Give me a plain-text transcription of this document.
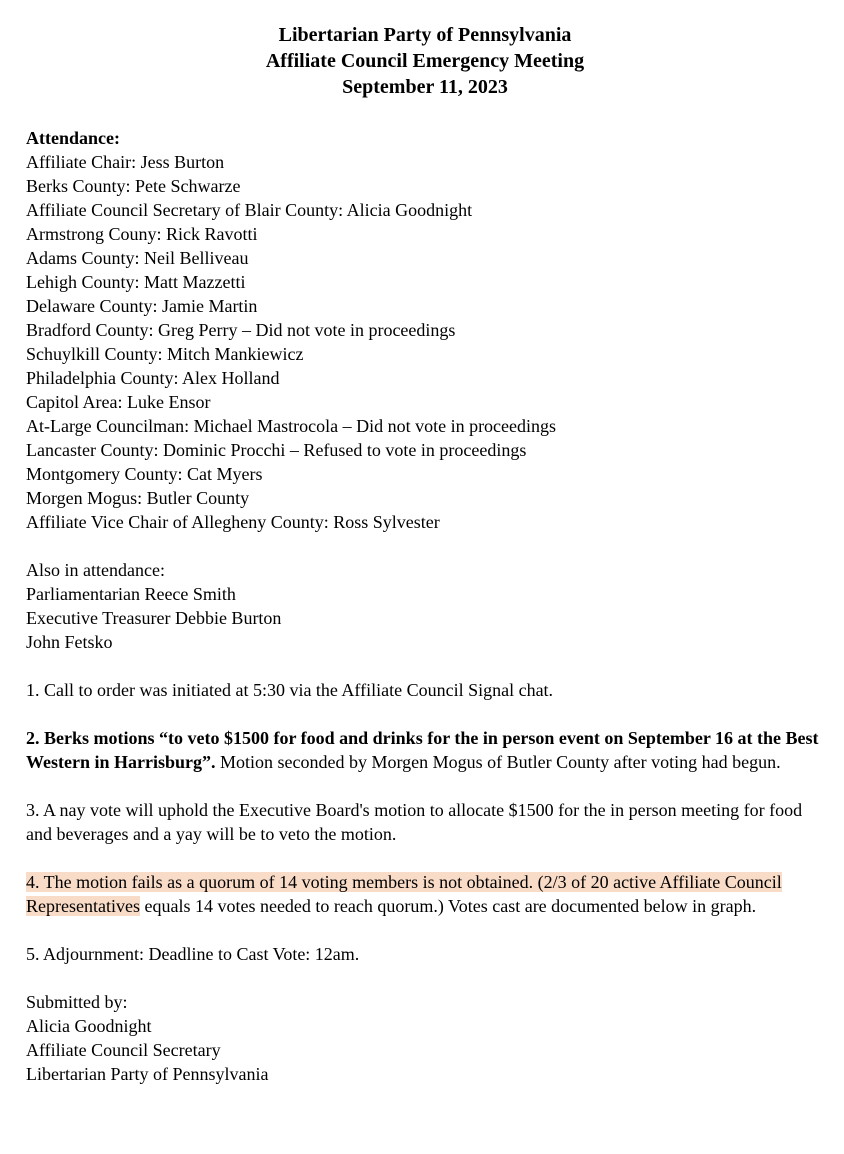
Libertarian Party of Pennsylvania
Affiliate Council Emergency Meeting
September 11, 2023
Attendance:
Affiliate Chair: Jess Burton
Berks County: Pete Schwarze
Affiliate Council Secretary of Blair County: Alicia Goodnight
Armstrong Couny: Rick Ravotti
Adams County: Neil Belliveau
Lehigh County: Matt Mazzetti
Delaware County: Jamie Martin
Bradford County: Greg Perry – Did not vote in proceedings
Schuylkill County: Mitch Mankiewicz
Philadelphia County: Alex Holland
Capitol Area: Luke Ensor
At-Large Councilman: Michael Mastrocola – Did not vote in proceedings
Lancaster County: Dominic Procchi – Refused to vote in proceedings
Montgomery County: Cat Myers
Morgen Mogus: Butler County
Affiliate Vice Chair of Allegheny County: Ross Sylvester
Also in attendance:
Parliamentarian Reece Smith
Executive Treasurer Debbie Burton
John Fetsko

1. Call to order was initiated at 5:30 via the Affiliate Council Signal chat.

2. Berks motions “to veto $1500 for food and drinks for the in person event on September 16 at the Best Western in Harrisburg”. Motion seconded by Morgen Mogus of Butler County after voting had begun.

3. A nay vote will uphold the Executive Board's motion to allocate $1500 for the in person meeting for food and beverages and a yay will be to veto the motion.

4. The motion fails as a quorum of 14 voting members is not obtained. (2/3 of 20 active Affiliate Council Representatives equals 14 votes needed to reach quorum.) Votes cast are documented below in graph.

5. Adjournment: Deadline to Cast Vote: 12am.

Submitted by:
Alicia Goodnight
Affiliate Council Secretary
Libertarian Party of Pennsylvania
